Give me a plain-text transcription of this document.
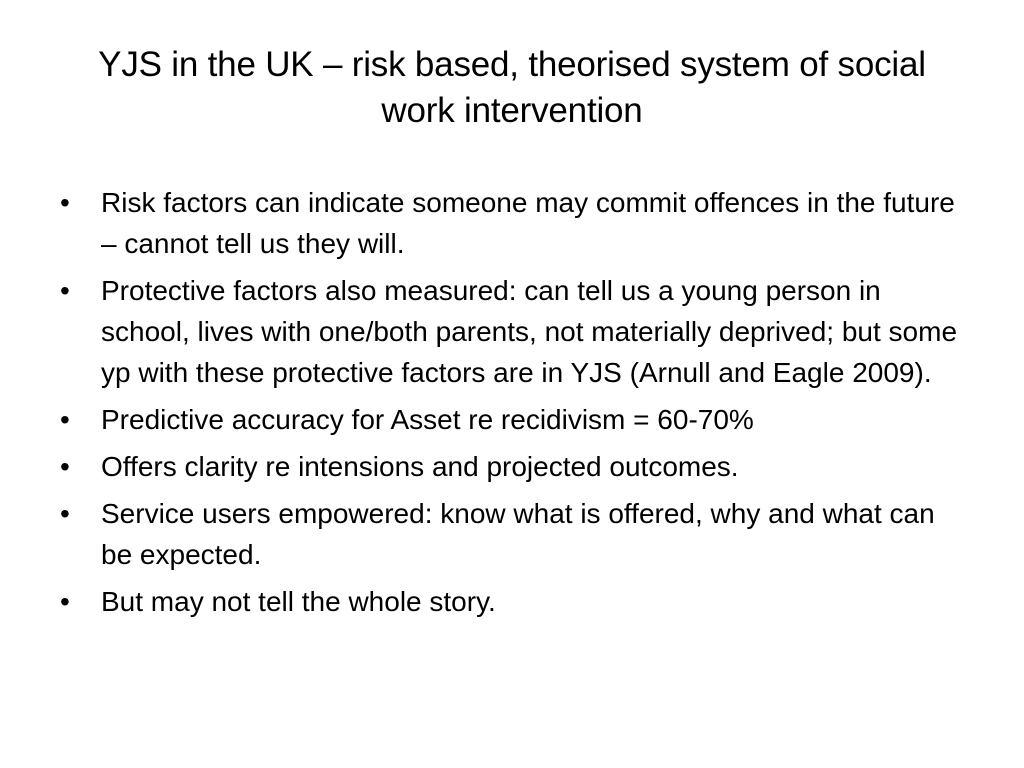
YJS in the UK – risk based, theorised system of social work intervention
•	Risk factors can indicate someone may commit offences in the future – cannot tell us they will.
•	Protective factors also measured: can tell us a young person in school, lives with one/both parents, not materially deprived; but some yp with these protective factors are in YJS (Arnull and Eagle 2009).
•	Predictive accuracy for Asset re recidivism = 60-70%
•	Offers clarity re intensions and projected outcomes.
•	Service users empowered: know what is offered, why and what can be expected.
•	But may not tell the whole story.
